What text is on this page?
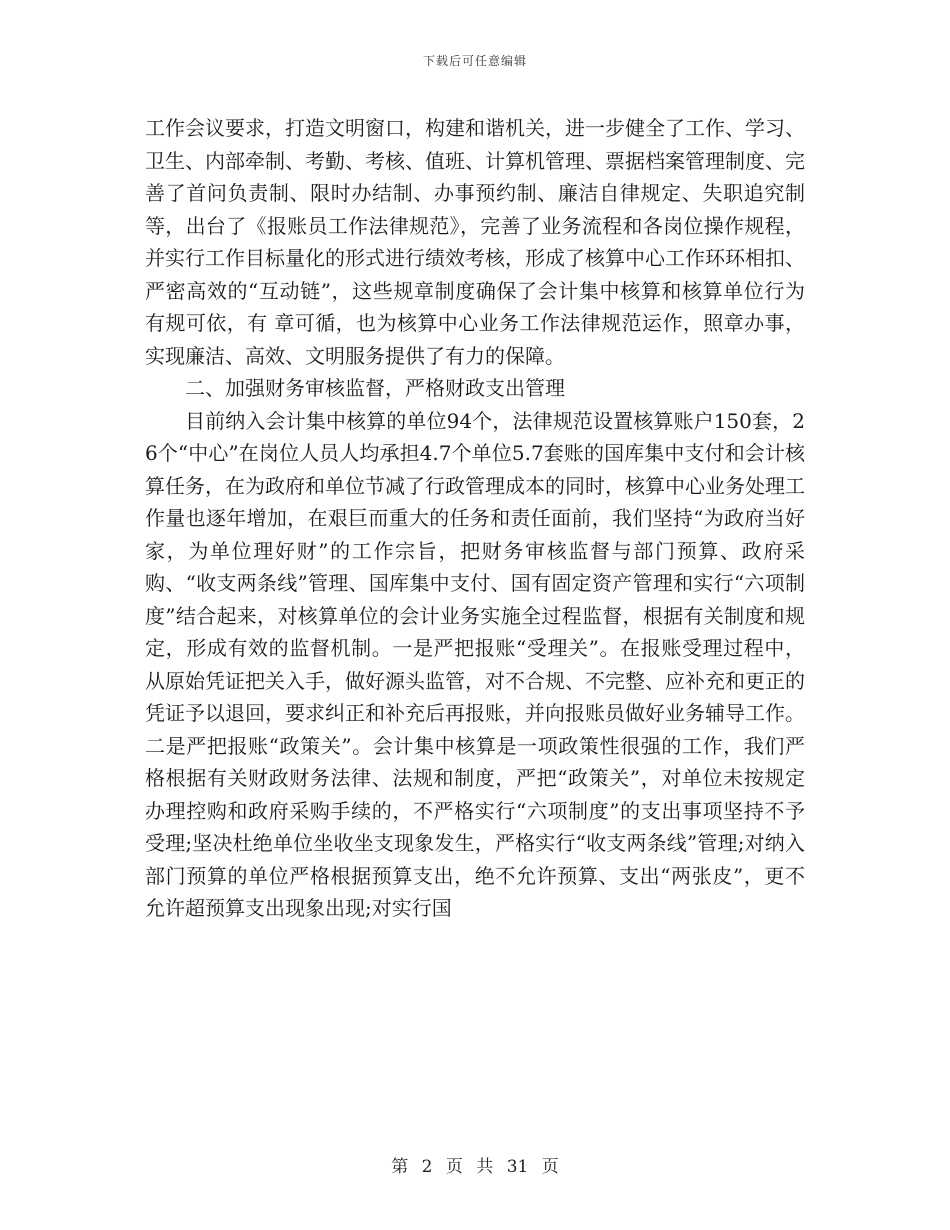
下载后可任意编辑

工作会议要求，打造文明窗口，构建和谐机关，进一步健全了工作、学习、卫生、内部牵制、考勤、考核、值班、计算机管理、票据档案管理制度、完善了首问负责制、限时办结制、办事预约制、廉洁自律规定、失职追究制等，出台了《报账员工作法律规范》，完善了业务流程和各岗位操作规程，并实行工作目标量化的形式进行绩效考核，形成了核算中心工作环环相扣、严密高效的“互动链”，这些规章制度确保了会计集中核算和核算单位行为有规可依，有 章可循，也为核算中心业务工作法律规范运作，照章办事，实现廉洁、高效、文明服务提供了有力的保障。

二、加强财务审核监督，严格财政支出管理

目前纳入会计集中核算的单位94个，法律规范设置核算账户150套，26个“中心”在岗位人员人均承担4.7个单位5.7套账的国库集中支付和会计核算任务，在为政府和单位节减了行政管理成本的同时，核算中心业务处理工作量也逐年增加，在艰巨而重大的任务和责任面前，我们坚持“为政府当好家，为单位理好财”的工作宗旨，把财务审核监督与部门预算、政府采购、“收支两条线”管理、国库集中支付、国有固定资产管理和实行“六项制度”结合起来，对核算单位的会计业务实施全过程监督，根据有关制度和规定，形成有效的监督机制。一是严把报账“受理关”。在报账受理过程中，从原始凭证把关入手，做好源头监管，对不合规、不完整、应补充和更正的凭证予以退回，要求纠正和补充后再报账，并向报账员做好业务辅导工作。二是严把报账“政策关”。会计集中核算是一项政策性很强的工作，我们严格根据有关财政财务法律、法规和制度，严把“政策关”，对单位未按规定办理控购和政府采购手续的，不严格实行“六项制度”的支出事项坚持不予受理;坚决杜绝单位坐收坐支现象发生，严格实行“收支两条线”管理;对纳入部门预算的单位严格根据预算支出，绝不允许预算、支出“两张皮”，更不允许超预算支出现象出现;对实行国

第 2 页 共 31 页
